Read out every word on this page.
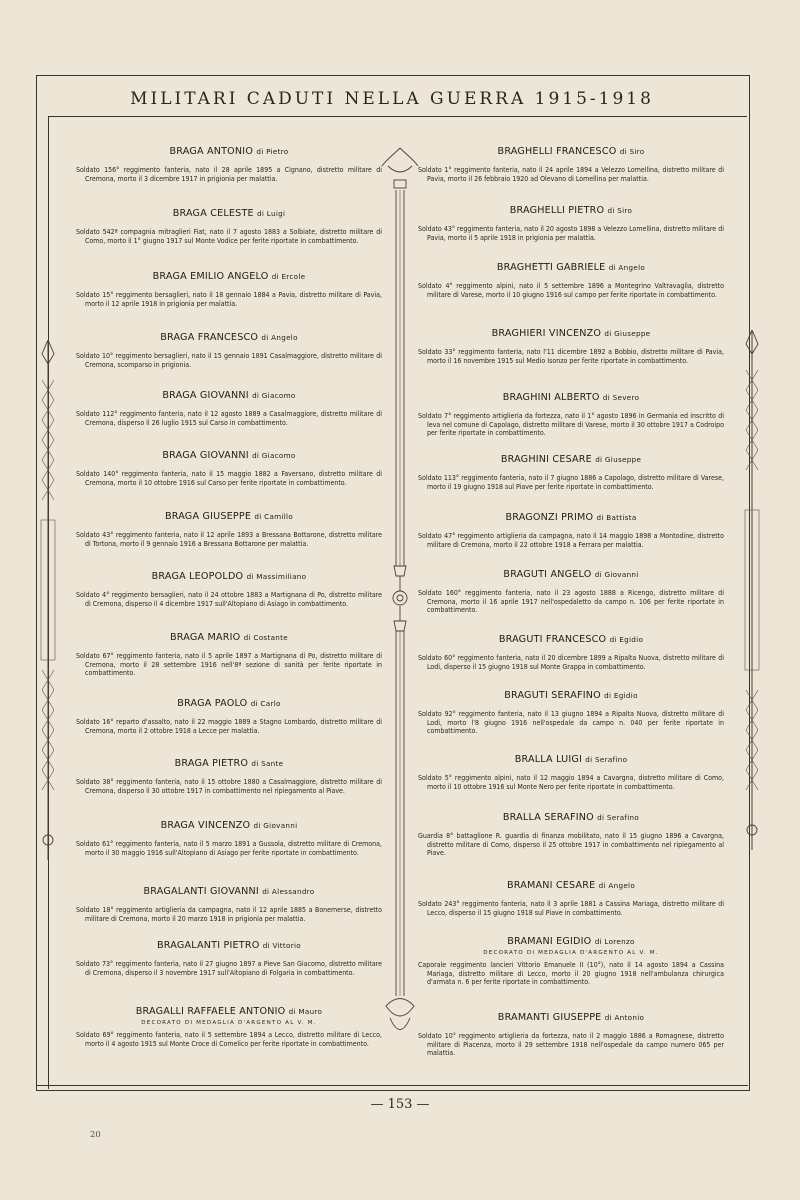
MILITARI CADUTI NELLA GUERRA 1915-1918
BRAGA ANTONIO di Pietro
Soldato 156° reggimento fanteria, nato il 28 aprile 1895 a Cignano, distretto militare di Cremona, morto il 3 dicembre 1917 in prigionia per malattia.
BRAGA CELESTE di Luigi
Soldato 542ª compagnia mitraglieri Fiat, nato il 7 agosto 1883 a Solbiate, distretto militare di Como, morto il 1° giugno 1917 sul Monte Vodice per ferite riportate in combattimento.
BRAGA EMILIO ANGELO di Ercole
Soldato 15° reggimento bersaglieri, nato il 18 gennaio 1884 a Pavia, distretto militare di Pavia, morto il 12 aprile 1918 in prigionia per malattia.
BRAGA FRANCESCO di Angelo
Soldato 10° reggimento bersaglieri, nato il 15 gennaio 1891 Casalmaggiore, distretto militare di Cremona, scomparso in prigionia.
BRAGA GIOVANNI di Giacomo
Soldato 112° reggimento fanteria, nato il 12 agosto 1889 a Casalmaggiore, distretto militare di Cremona, disperso il 26 luglio 1915 sul Carso in combattimento.
BRAGA GIOVANNI di Giacomo
Soldato 140° reggimento fanteria, nato il 15 maggio 1882 a Faversano, distretto militare di Cremona, morto il 10 ottobre 1916 sul Carso per ferite riportate in combattimento.
BRAGA GIUSEPPE di Camillo
Soldato 43° reggimento fanteria, nato il 12 aprile 1893 a Bressana Bottarone, distretto militare di Tortona, morto il 9 gennaio 1916 a Bressana Bottarone per malattia.
BRAGA LEOPOLDO di Massimiliano
Soldato 4° reggimento bersaglieri, nato il 24 ottobre 1883 a Martignana di Po, distretto militare di Cremona, disperso il 4 dicembre 1917 sull'Altopiano di Asiago in combattimento.
BRAGA MARIO di Costante
Soldato 67° reggimento fanteria, nato il 5 aprile 1897 a Martignana di Po, distretto militare di Cremona, morto il 28 settembre 1916 nell'8ª sezione di sanità per ferite riportate in combattimento.
BRAGA PAOLO di Carlo
Soldato 16° reparto d'assalto, nato il 22 maggio 1889 a Stagno Lombardo, distretto militare di Cremona, morto il 2 ottobre 1918 a Lecce per malattia.
BRAGA PIETRO di Sante
Soldato 38° reggimento fanteria, nato il 15 ottobre 1880 a Casalmaggiore, distretto militare di Cremona, disperso il 30 ottobre 1917 in combattimento nel ripiegamento al Piave.
BRAGA VINCENZO di Giovanni
Soldato 61° reggimento fanteria, nato il 5 marzo 1891 a Gussola, distretto militare di Cremona, morto il 30 maggio 1916 sull'Altopiano di Asiago per ferite riportate in combattimento.
BRAGALANTI GIOVANNI di Alessandro
Soldato 18° reggimento artiglieria da campagna, nato il 12 aprile 1885 a Bonemerse, distretto militare di Cremona, morto il 20 marzo 1918 in prigionia per malattia.
BRAGALANTI PIETRO di Vittorio
Soldato 73° reggimento fanteria, nato il 27 giugno 1897 a Pieve San Giacomo, distretto militare di Cremona, disperso il 3 novembre 1917 sull'Altopiano di Folgaria in combattimento.
BRAGALLI RAFFAELE ANTONIO di Mauro
DECORATO DI MEDAGLIA D'ARGENTO AL V. M.
Soldato 69° reggimento fanteria, nato il 5 settembre 1894 a Lecco, distretto militare di Lecco, morto il 4 agosto 1915 sul Monte Croce di Comelico per ferite riportate in combattimento.
BRAGHELLI FRANCESCO di Siro
Soldato 1° reggimento fanteria, nato il 24 aprile 1894 a Velezzo Lomellina, distretto militare di Pavia, morto il 26 febbraio 1920 ad Olevano di Lomellina per malattia.
BRAGHELLI PIETRO di Siro
Soldato 43° reggimento fanteria, nato il 20 agosto 1898 a Velezzo Lomellina, distretto militare di Pavia, morto il 5 aprile 1918 in prigionia per malattia.
BRAGHETTI GABRIELE di Angelo
Soldato 4° reggimento alpini, nato il 5 settembre 1896 a Montegrino Valtravaglia, distretto militare di Varese, morto il 10 giugno 1916 sul campo per ferite riportate in combattimento.
BRAGHIERI VINCENZO di Giuseppe
Soldato 33° reggimento fanteria, nato l'11 dicembre 1892 a Bobbio, distretto militare di Pavia, morto il 16 novembre 1915 sul Medio Isonzo per ferite riportate in combattimento.
BRAGHINI ALBERTO di Severo
Soldato 7° reggimento artiglieria da fortezza, nato il 1° agosto 1896 in Germania ed inscritto di leva nel comune di Capolago, distretto militare di Varese, morto il 30 ottobre 1917 a Codroipo per ferite riportate in combattimento.
BRAGHINI CESARE di Giuseppe
Soldato 113° reggimento fanteria, nato il 7 giugno 1886 a Capolago, distretto militare di Varese, morto il 19 giugno 1918 sul Piave per ferite riportate in combattimento.
BRAGONZI PRIMO di Battista
Soldato 47° reggimento artiglieria da campagna, nato il 14 maggio 1898 a Montodine, distretto militare di Cremona, morto il 22 ottobre 1918 a Ferrara per malattia.
BRAGUTI ANGELO di Giovanni
Soldato 160° reggimento fanteria, nato il 23 agosto 1888 a Ricengo, distretto militare di Cremona, morto il 16 aprile 1917 nell'ospedaletto da campo n. 106 per ferite riportate in combattimento.
BRAGUTI FRANCESCO di Egidio
Soldato 60° reggimento fanteria, nato il 20 dicembre 1899 a Ripalta Nuova, distretto militare di Lodi, disperso il 15 giugno 1918 sul Monte Grappa in combattimento.
BRAGUTI SERAFINO di Egidio
Soldato 92° reggimento fanteria, nato il 13 giugno 1894 a Ripalta Nuova, distretto militare di Lodi, morto l'8 giugno 1916 nell'ospedale da campo n. 040 per ferite riportate in combattimento.
BRALLA LUIGI di Serafino
Soldato 5° reggimento alpini, nato il 12 maggio 1894 a Cavargna, distretto militare di Como, morto il 10 ottobre 1916 sul Monte Nero per ferite riportate in combattimento.
BRALLA SERAFINO di Serafino
Guardia 8° battaglione R. guardia di finanza mobilitato, nato il 15 giugno 1896 a Cavargna, distretto militare di Como, disperso il 25 ottobre 1917 in combattimento nel ripiegamento al Piave.
BRAMANI CESARE di Angelo
Soldato 243° reggimento fanteria, nato il 3 aprile 1881 a Cassina Mariaga, distretto militare di Lecco, disperso il 15 giugno 1918 sul Piave in combattimento.
BRAMANI EGIDIO di Lorenzo
DECORATO DI MEDAGLIA D'ARGENTO AL V. M.
Caporale reggimento lancieri Vittorio Emanuele II (10°), nato il 14 agosto 1894 a Cassina Mariaga, distretto militare di Lecco, morto il 20 giugno 1918 nell'ambulanza chirurgica d'armata n. 6 per ferite riportate in combattimento.
BRAMANTI GIUSEPPE di Antonio
Soldato 10° reggimento artiglieria da fortezza, nato il 2 maggio 1886 a Romagnese, distretto militare di Piacenza, morto il 29 settembre 1918 nell'ospedale da campo numero 065 per malattia.
— 153 —
20
